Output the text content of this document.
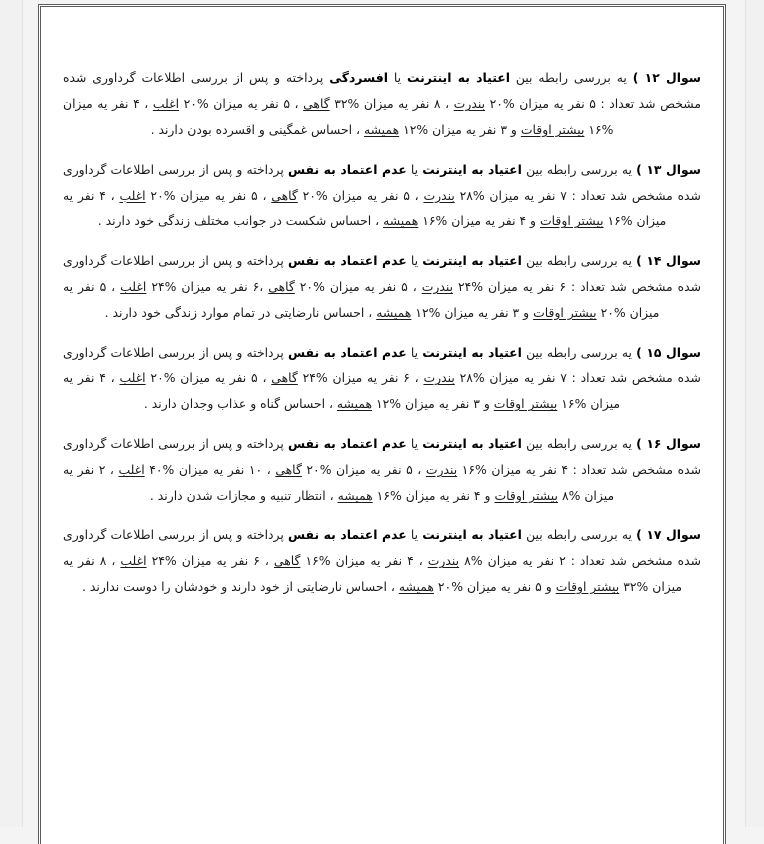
سوال ۱۲ ) یه بررسی رابطه بین اعتیاد به اینترنت یا افسردگی پرداخته و پس از بررسی اطلاعات گرداوری شده مشخص شد تعداد : ۵ نفر یه میزان ۲۰% بندرت ، ۸ نفر یه میزان ۳۲% گاهی ، ۵ نفر یه میزان ۲۰% اغلب ، ۴ نفر یه میزان ۱۶% بیشتر اوقات و ۳ نفر یه میزان ۱۲% همیشه ، احساس غمگینی و اقسرده بودن دارند .

سوال ۱۳ ) یه بررسی رابطه بین اعتیاد به اینترنت یا عدم اعتماد به نفس پرداخته و پس از بررسی اطلاعات گرداوری شده مشخص شد تعداد : ۷ نفر یه میزان ۲۸% بندرت ، ۵ نفر یه میزان ۲۰% گاهی ، ۵ نفر یه میزان ۲۰% اغلب ، ۴ نفر یه میزان ۱۶% بیشتر اوقات و ۴ نفر یه میزان ۱۶% همیشه ، احساس شکست در جوانب مختلف زندگی خود دارند .

سوال ۱۴ ) یه بررسی رابطه بین اعتیاد به اینترنت یا عدم اعتماد به نفس پرداخته و پس از بررسی اطلاعات گرداوری شده مشخص شد تعداد : ۶ نفر یه میزان ۲۴% بندرت ، ۵ نفر یه میزان ۲۰% گاهی ،۶ نفر یه میزان ۲۴% اغلب ، ۵ نفر یه میزان ۲۰% بیشتر اوقات و ۳ نفر یه میزان ۱۲% همیشه ، احساس نارضایتی در تمام موارد زندگی خود دارند .

سوال ۱۵ ) یه بررسی رابطه بین اعتیاد به اینترنت یا عدم اعتماد به نفس پرداخته و پس از بررسی اطلاعات گرداوری شده مشخص شد تعداد : ۷ نفر یه میزان ۲۸% بندرت ، ۶ نفر یه میزان ۲۴% گاهی ، ۵ نفر یه میزان ۲۰% اغلب ، ۴ نفر یه میزان ۱۶% بیشتر اوقات و ۳ نفر یه میزان ۱۲% همیشه ، احساس گناه و عذاب وجدان دارند .

سوال ۱۶ ) یه بررسی رابطه بین اعتیاد به اینترنت یا عدم اعتماد به نفس پرداخته و پس از بررسی اطلاعات گرداوری شده مشخص شد تعداد : ۴ نفر یه میزان ۱۶% بندرت ، ۵ نفر یه میزان ۲۰% گاهی ، ۱۰ نفر یه میزان ۴۰% اغلب ، ۲ نفر یه میزان ۸% بیشتر اوقات و ۴ نفر یه میزان ۱۶% همیشه ، انتظار تنبیه و مجازات شدن دارند .

سوال ۱۷ ) یه بررسی رابطه بین اعتیاد به اینترنت یا عدم اعتماد به نفس پرداخته و پس از بررسی اطلاعات گرداوری شده مشخص شد تعداد : ۲ نفر یه میزان ۸% بندرت ، ۴ نفر یه میزان ۱۶% گاهی ، ۶ نفر یه میزان ۲۴% اغلب ، ۸ نفر یه میزان ۳۲% بیشتر اوقات و ۵ نفر یه میزان ۲۰% همیشه ، احساس نارضایتی از خود دارند و خودشان را دوست ندارند .
